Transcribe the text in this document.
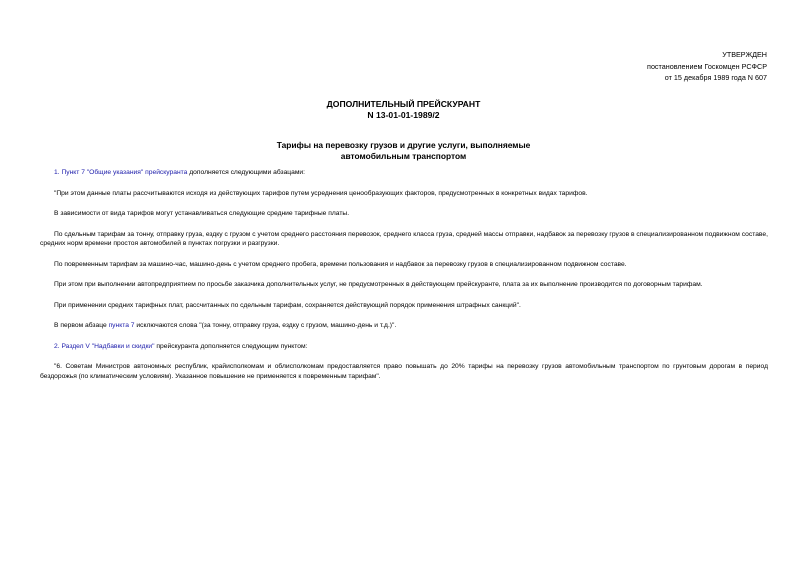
УТВЕРЖДЕН
постановлением Госкомцен РСФСР
от 15 декабря 1989 года N 607
ДОПОЛНИТЕЛЬНЫЙ ПРЕЙСКУРАНТ
N 13-01-01-1989/2
Тарифы на перевозку грузов и другие услуги, выполняемые
автомобильным транспортом

1. Пункт 7 "Общие указания" прейскуранта дополняется следующими абзацами:

"При этом данные платы рассчитываются исходя из действующих тарифов путем усреднения ценообразующих факторов, предусмотренных в конкретных видах тарифов.

В зависимости от вида тарифов могут устанавливаться следующие средние тарифные платы.

По сдельным тарифам за тонну, отправку груза, ездку с грузом с учетом среднего расстояния перевозок, среднего класса груза, средней массы отправки, надбавок за перевозку грузов в специализированном подвижном составе, средних норм времени простоя автомобилей в пунктах погрузки и разгрузки.

По повременным тарифам за машино-час, машино-день с учетом среднего пробега, времени пользования и надбавок за перевозку грузов в специализированном подвижном составе.

При этом при выполнении автопредприятием по просьбе заказчика дополнительных услуг, не предусмотренных в действующем прейскуранте, плата за их выполнение производится по договорным тарифам.

При применении средних тарифных плат, рассчитанных по сдельным тарифам, сохраняется действующий порядок применения штрафных санкций".

В первом абзаце пункта 7 исключаются слова "(за тонну, отправку груза, ездку с грузом, машино-день и т.д.)".

2. Раздел V "Надбавки и скидки" прейскуранта дополняется следующим пунктом:

"6. Советам Министров автономных республик, крайисполкомам и облисполкомам предоставляется право повышать до 20% тарифы на перевозку грузов автомобильным транспортом по грунтовым дорогам в период бездорожья (по климатическим условиям). Указанное повышение не применяется к повременным тарифам".
